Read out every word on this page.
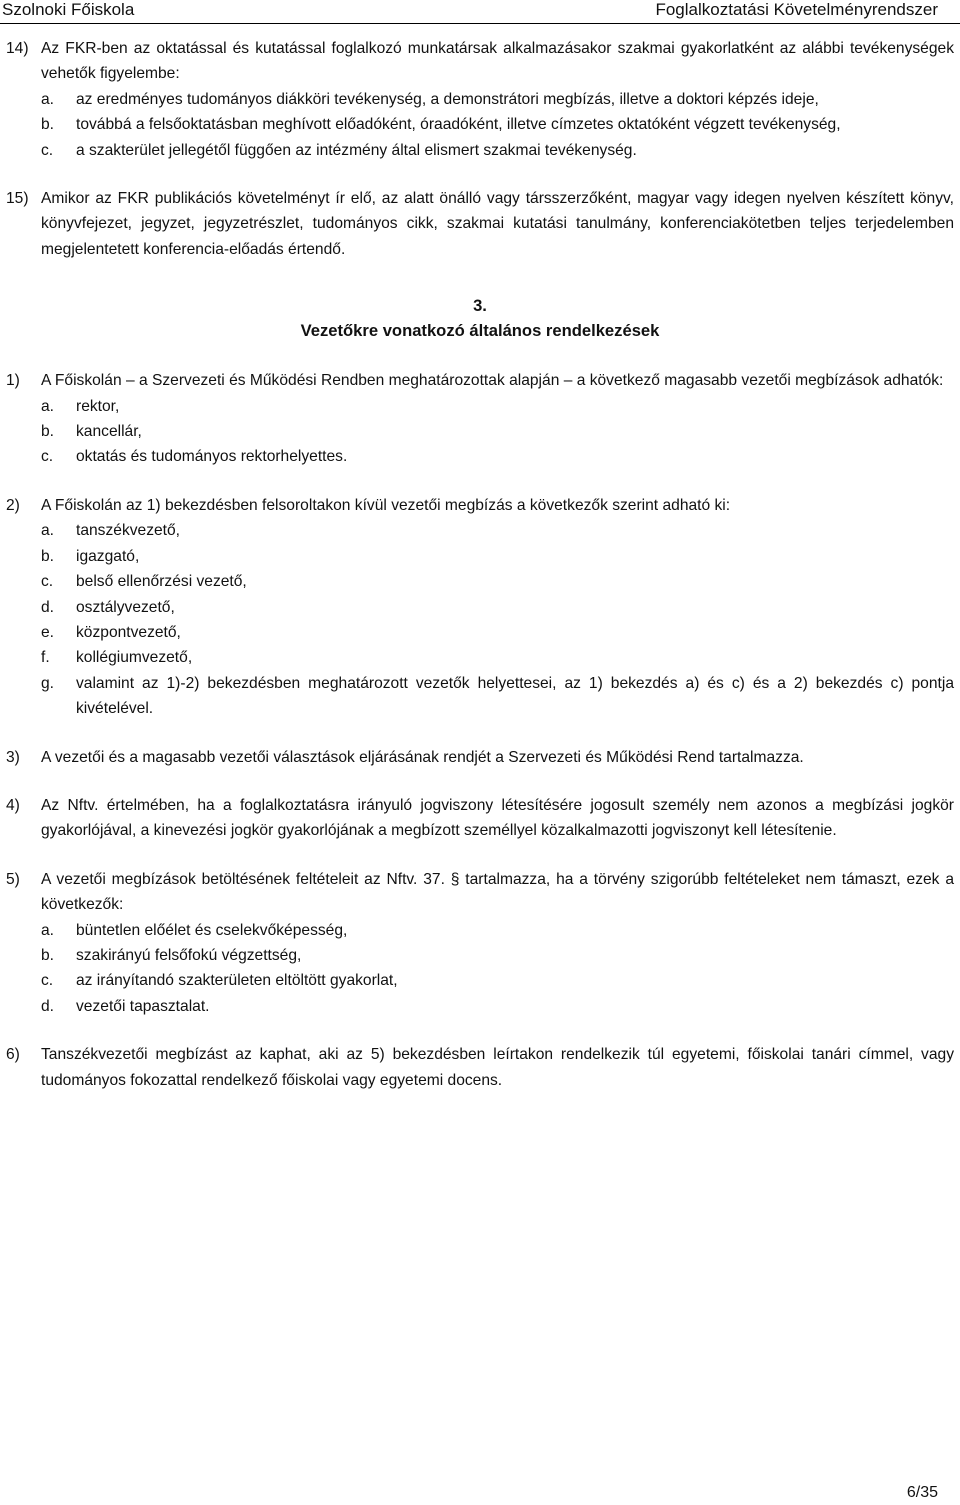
Szolnoki Főiskola	Foglalkoztatási Követelményrendszer
14) Az FKR-ben az oktatással és kutatással foglalkozó munkatársak alkalmazásakor szakmai gyakorlatként az alábbi tevékenységek vehetők figyelembe:
a.	az eredményes tudományos diákköri tevékenység, a demonstrátori megbízás, illetve a doktori képzés ideje,
b.	továbbá a felsőoktatásban meghívott előadóként, óraadóként, illetve címzetes oktatóként végzett tevékenység,
c.	a szakterület jellegétől függően az intézmény által elismert szakmai tevékenység.
15) Amikor az FKR publikációs követelményt ír elő, az alatt önálló vagy társszerzőként, magyar vagy idegen nyelven készített könyv, könyvfejezet, jegyzet, jegyzetrészlet, tudományos cikk, szakmai kutatási tanulmány, konferenciakötetben teljes terjedelemben megjelentetett konferencia-előadás értendő.
3.
Vezetőkre vonatkozó általános rendelkezések
1)	A Főiskolán – a Szervezeti és Működési Rendben meghatározottak alapján – a következő magasabb vezetői megbízások adhatók:
a.	rektor,
b.	kancellár,
c.	oktatás és tudományos rektorhelyettes.
2)	A Főiskolán az 1) bekezdésben felsoroltakon kívül vezetői megbízás a következők szerint adható ki:
a.	tanszékvezető,
b.	igazgató,
c.	belső ellenőrzési vezető,
d.	osztályvezető,
e.	központvezető,
f.	kollégiumvezető,
g.	valamint az 1)-2) bekezdésben meghatározott vezetők helyettesei, az 1) bekezdés a) és c) és a 2) bekezdés c) pontja kivételével.
3)	A vezetői és a magasabb vezetői választások eljárásának rendjét a Szervezeti és Működési Rend tartalmazza.
4)	Az Nftv. értelmében, ha a foglalkoztatásra irányuló jogviszony létesítésére jogosult személy nem azonos a megbízási jogkör gyakorlójával, a kinevezési jogkör gyakorlójának a megbízott személlyel közalkalmazotti jogviszonyt kell létesítenie.
5)	A vezetői megbízások betöltésének feltételeit az Nftv. 37. § tartalmazza, ha a törvény szigorúbb feltételeket nem támaszt, ezek a következők:
a.	büntetlen előélet és cselekvőképesség,
b.	szakirányú felsőfokú végzettség,
c.	az irányítandó szakterületen eltöltött gyakorlat,
d.	vezetői tapasztalat.
6)	Tanszékvezetői megbízást az kaphat, aki az 5) bekezdésben leírtakon rendelkezik túl egyetemi, főiskolai tanári címmel, vagy tudományos fokozattal rendelkező főiskolai vagy egyetemi docens.
6/35
